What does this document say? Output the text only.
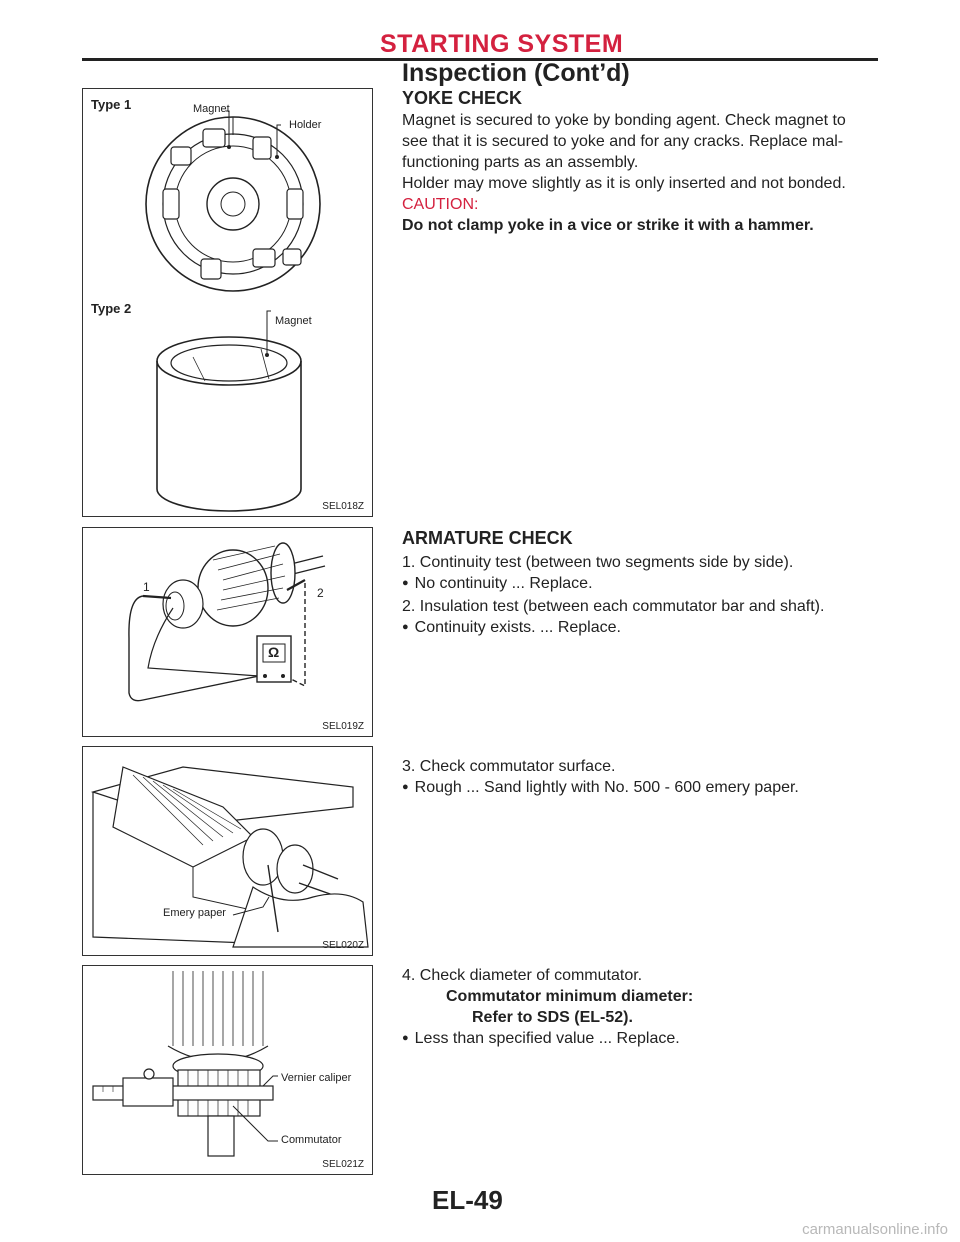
STARTING SYSTEM
Inspection (Cont’d)
Type 1	Magnet
Holder
Type 2
Magnet
SEL018Z
YOKE CHECK

Magnet is secured to yoke by bonding agent. Check magnet to

see that it is secured to yoke and for any cracks. Replace mal-

functioning parts as an assembly.

Holder may move slightly as it is only inserted and not bonded.

CAUTION:

Do not clamp yoke in a vice or strike it with a hammer.

1	2
Ω
SEL019Z
ARMATURE CHECK

1. Continuity test (between two segments side by side).

● No continuity ... Replace.

2. Insulation test (between each commutator bar and shaft).

● Continuity exists. ... Replace.

Emery paper
SEL020Z

3. Check commutator surface.

● Rough ... Sand lightly with No. 500 - 600 emery paper.

Vernier caliper
Commutator
SEL021Z

4. Check diameter of commutator.

Commutator minimum diameter:

Refer to SDS (EL-52).

● Less than specified value ... Replace.

EL-49
carmanualsonline.info
